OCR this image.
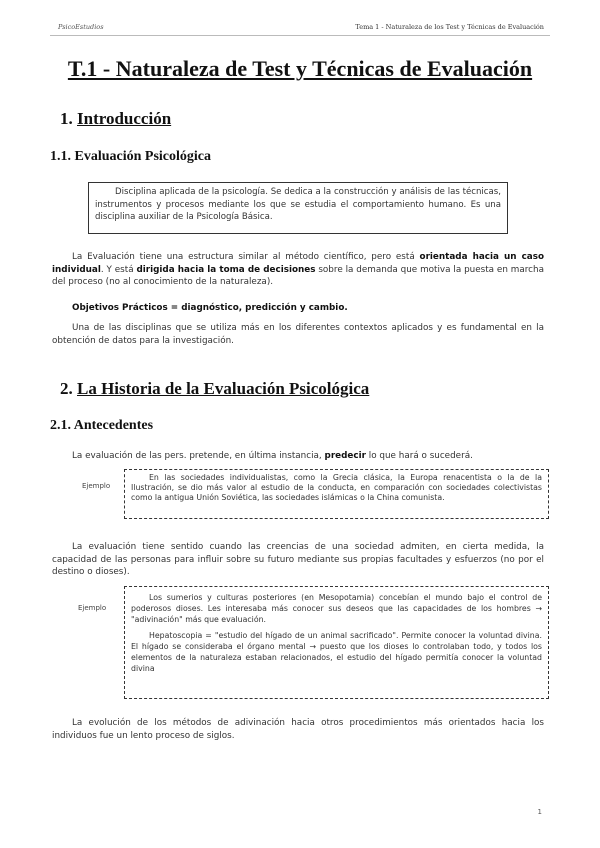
PsicoEstudios	Tema 1 - Naturaleza de los Test y Técnicas de Evaluación
T.1 - Naturaleza de Test y Técnicas de Evaluación
1. Introducción
1.1. Evaluación Psicológica
Disciplina aplicada de la psicología. Se dedica a la construcción y análisis de las técnicas, instrumentos y procesos mediante los que se estudia el comportamiento humano. Es una disciplina auxiliar de la Psicología Básica.

La Evaluación tiene una estructura similar al método científico, pero está orientada hacia un caso individual. Y está dirigida hacia la toma de decisiones sobre la demanda que motiva la puesta en marcha del proceso (no al conocimiento de la naturaleza).

Objetivos Prácticos = diagnóstico, predicción y cambio.

Una de las disciplinas que se utiliza más en los diferentes contextos aplicados y es fundamental en la obtención de datos para la investigación.

2. La Historia de la Evaluación Psicológica
2.1. Antecedentes

La evaluación de las pers. pretende, en última instancia, predecir lo que hará o sucederá.

Ejemplo
En las sociedades individualistas, como la Grecia clásica, la Europa renacentista o la de la Ilustración, se dio más valor al estudio de la conducta, en comparación con sociedades colectivistas como la antigua Unión Soviética, las sociedades islámicas o la China comunista.

La evaluación tiene sentido cuando las creencias de una sociedad admiten, en cierta medida, la capacidad de las personas para influir sobre su futuro mediante sus propias facultades y esfuerzos (no por el destino o dioses).

Ejemplo

Los sumerios y culturas posteriores (en Mesopotamia) concebían el mundo bajo el control de poderosos dioses. Les interesaba más conocer sus deseos que las capacidades de los hombres → "adivinación" más que evaluación.

Hepatoscopia = "estudio del hígado de un animal sacrificado". Permite conocer la voluntad divina. El hígado se consideraba el órgano mental → puesto que los dioses lo controlaban todo, y todos los elementos de la naturaleza estaban relacionados, el estudio del hígado permitía conocer la voluntad divina

La evolución de los métodos de adivinación hacia otros procedimientos más orientados hacia los individuos fue un lento proceso de siglos.

1
